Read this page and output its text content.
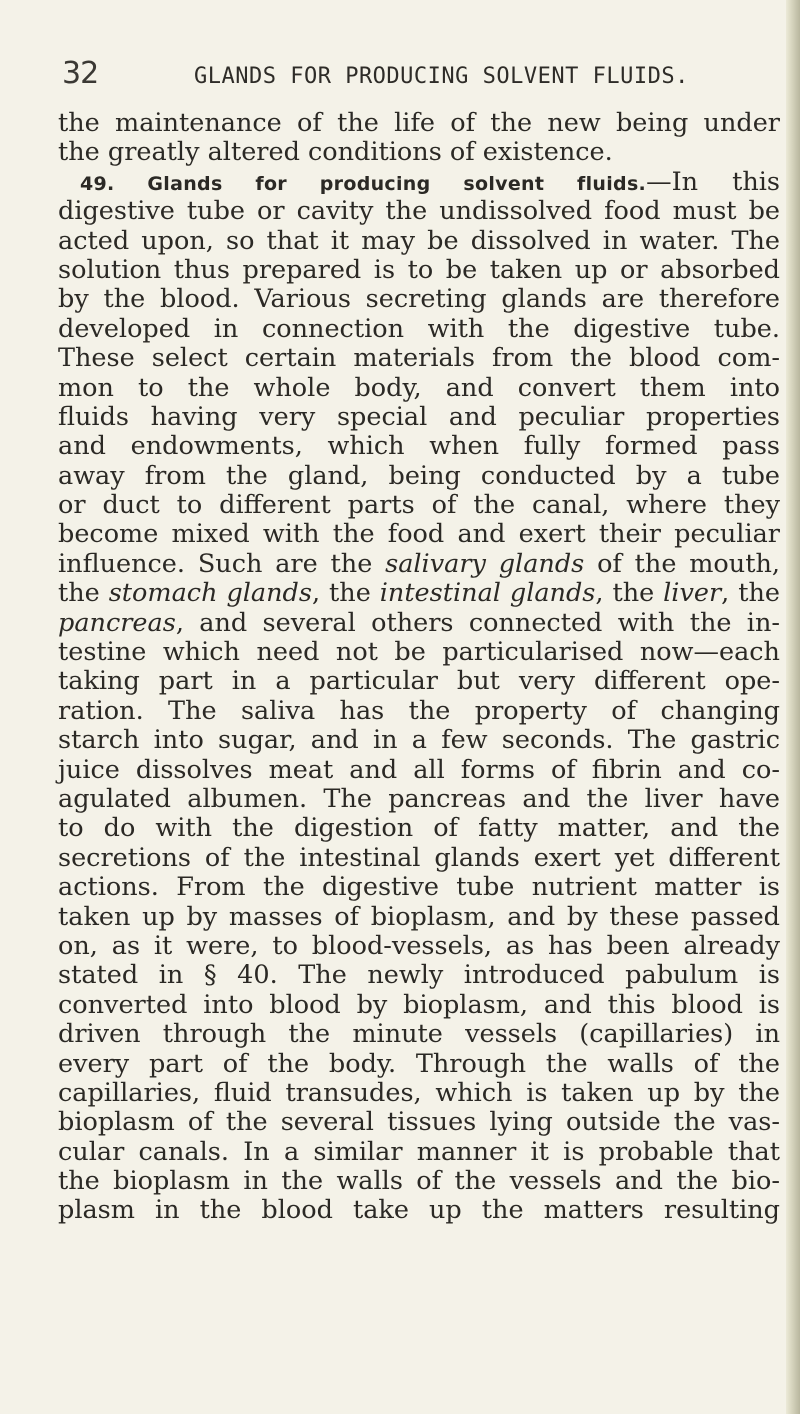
32	GLANDS FOR PRODUCING SOLVENT FLUIDS.
the maintenance of the life of the new being under
the greatly altered conditions of existence.
49. Glands for producing solvent fluids.—In this
digestive tube or cavity the undissolved food must be
acted upon, so that it may be dissolved in water. The
solution thus prepared is to be taken up or absorbed
by the blood. Various secreting glands are therefore
developed in connection with the digestive tube.
These select certain materials from the blood com-
mon to the whole body, and convert them into
fluids having very special and peculiar properties
and endowments, which when fully formed pass
away from the gland, being conducted by a tube
or duct to different parts of the canal, where they
become mixed with the food and exert their peculiar
influence. Such are the salivary glands of the mouth,
the stomach glands, the intestinal glands, the liver, the
pancreas, and several others connected with the in-
testine which need not be particularised now—each
taking part in a particular but very different ope-
ration. The saliva has the property of changing
starch into sugar, and in a few seconds. The gastric
juice dissolves meat and all forms of fibrin and co-
agulated albumen. The pancreas and the liver have
to do with the digestion of fatty matter, and the
secretions of the intestinal glands exert yet different
actions. From the digestive tube nutrient matter is
taken up by masses of bioplasm, and by these passed
on, as it were, to blood-vessels, as has been already
stated in § 40. The newly introduced pabulum is
converted into blood by bioplasm, and this blood is
driven through the minute vessels (capillaries) in
every part of the body. Through the walls of the
capillaries, fluid transudes, which is taken up by the
bioplasm of the several tissues lying outside the vas-
cular canals. In a similar manner it is probable that
the bioplasm in the walls of the vessels and the bio-
plasm in the blood take up the matters resulting
